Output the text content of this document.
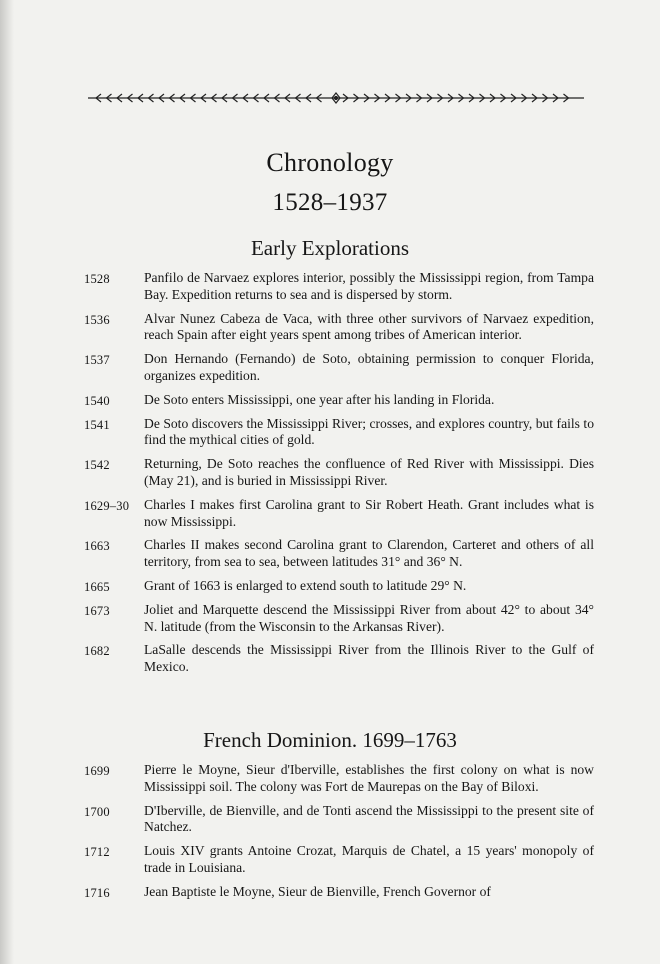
Chronology
1528–1937
Early Explorations
1528	Panfilo de Narvaez explores interior, possibly the Mississippi region, from Tampa Bay. Expedition returns to sea and is dispersed by storm.
1536	Alvar Nunez Cabeza de Vaca, with three other survivors of Narvaez expedition, reach Spain after eight years spent among tribes of American interior.
1537	Don Hernando (Fernando) de Soto, obtaining permission to conquer Florida, organizes expedition.
1540	De Soto enters Mississippi, one year after his landing in Florida.
1541	De Soto discovers the Mississippi River; crosses, and explores country, but fails to find the mythical cities of gold.
1542	Returning, De Soto reaches the confluence of Red River with Mississippi. Dies (May 21), and is buried in Mississippi River.
1629–30	Charles I makes first Carolina grant to Sir Robert Heath. Grant includes what is now Mississippi.
1663	Charles II makes second Carolina grant to Clarendon, Carteret and others of all territory, from sea to sea, between latitudes 31° and 36° N.
1665	Grant of 1663 is enlarged to extend south to latitude 29° N.
1673	Joliet and Marquette descend the Mississippi River from about 42° to about 34° N. latitude (from the Wisconsin to the Arkansas River).
1682	LaSalle descends the Mississippi River from the Illinois River to the Gulf of Mexico.
French Dominion. 1699–1763
1699	Pierre le Moyne, Sieur d'Iberville, establishes the first colony on what is now Mississippi soil. The colony was Fort de Maurepas on the Bay of Biloxi.
1700	D'Iberville, de Bienville, and de Tonti ascend the Mississippi to the present site of Natchez.
1712	Louis XIV grants Antoine Crozat, Marquis de Chatel, a 15 years' monopoly of trade in Louisiana.
1716	Jean Baptiste le Moyne, Sieur de Bienville, French Governor of
